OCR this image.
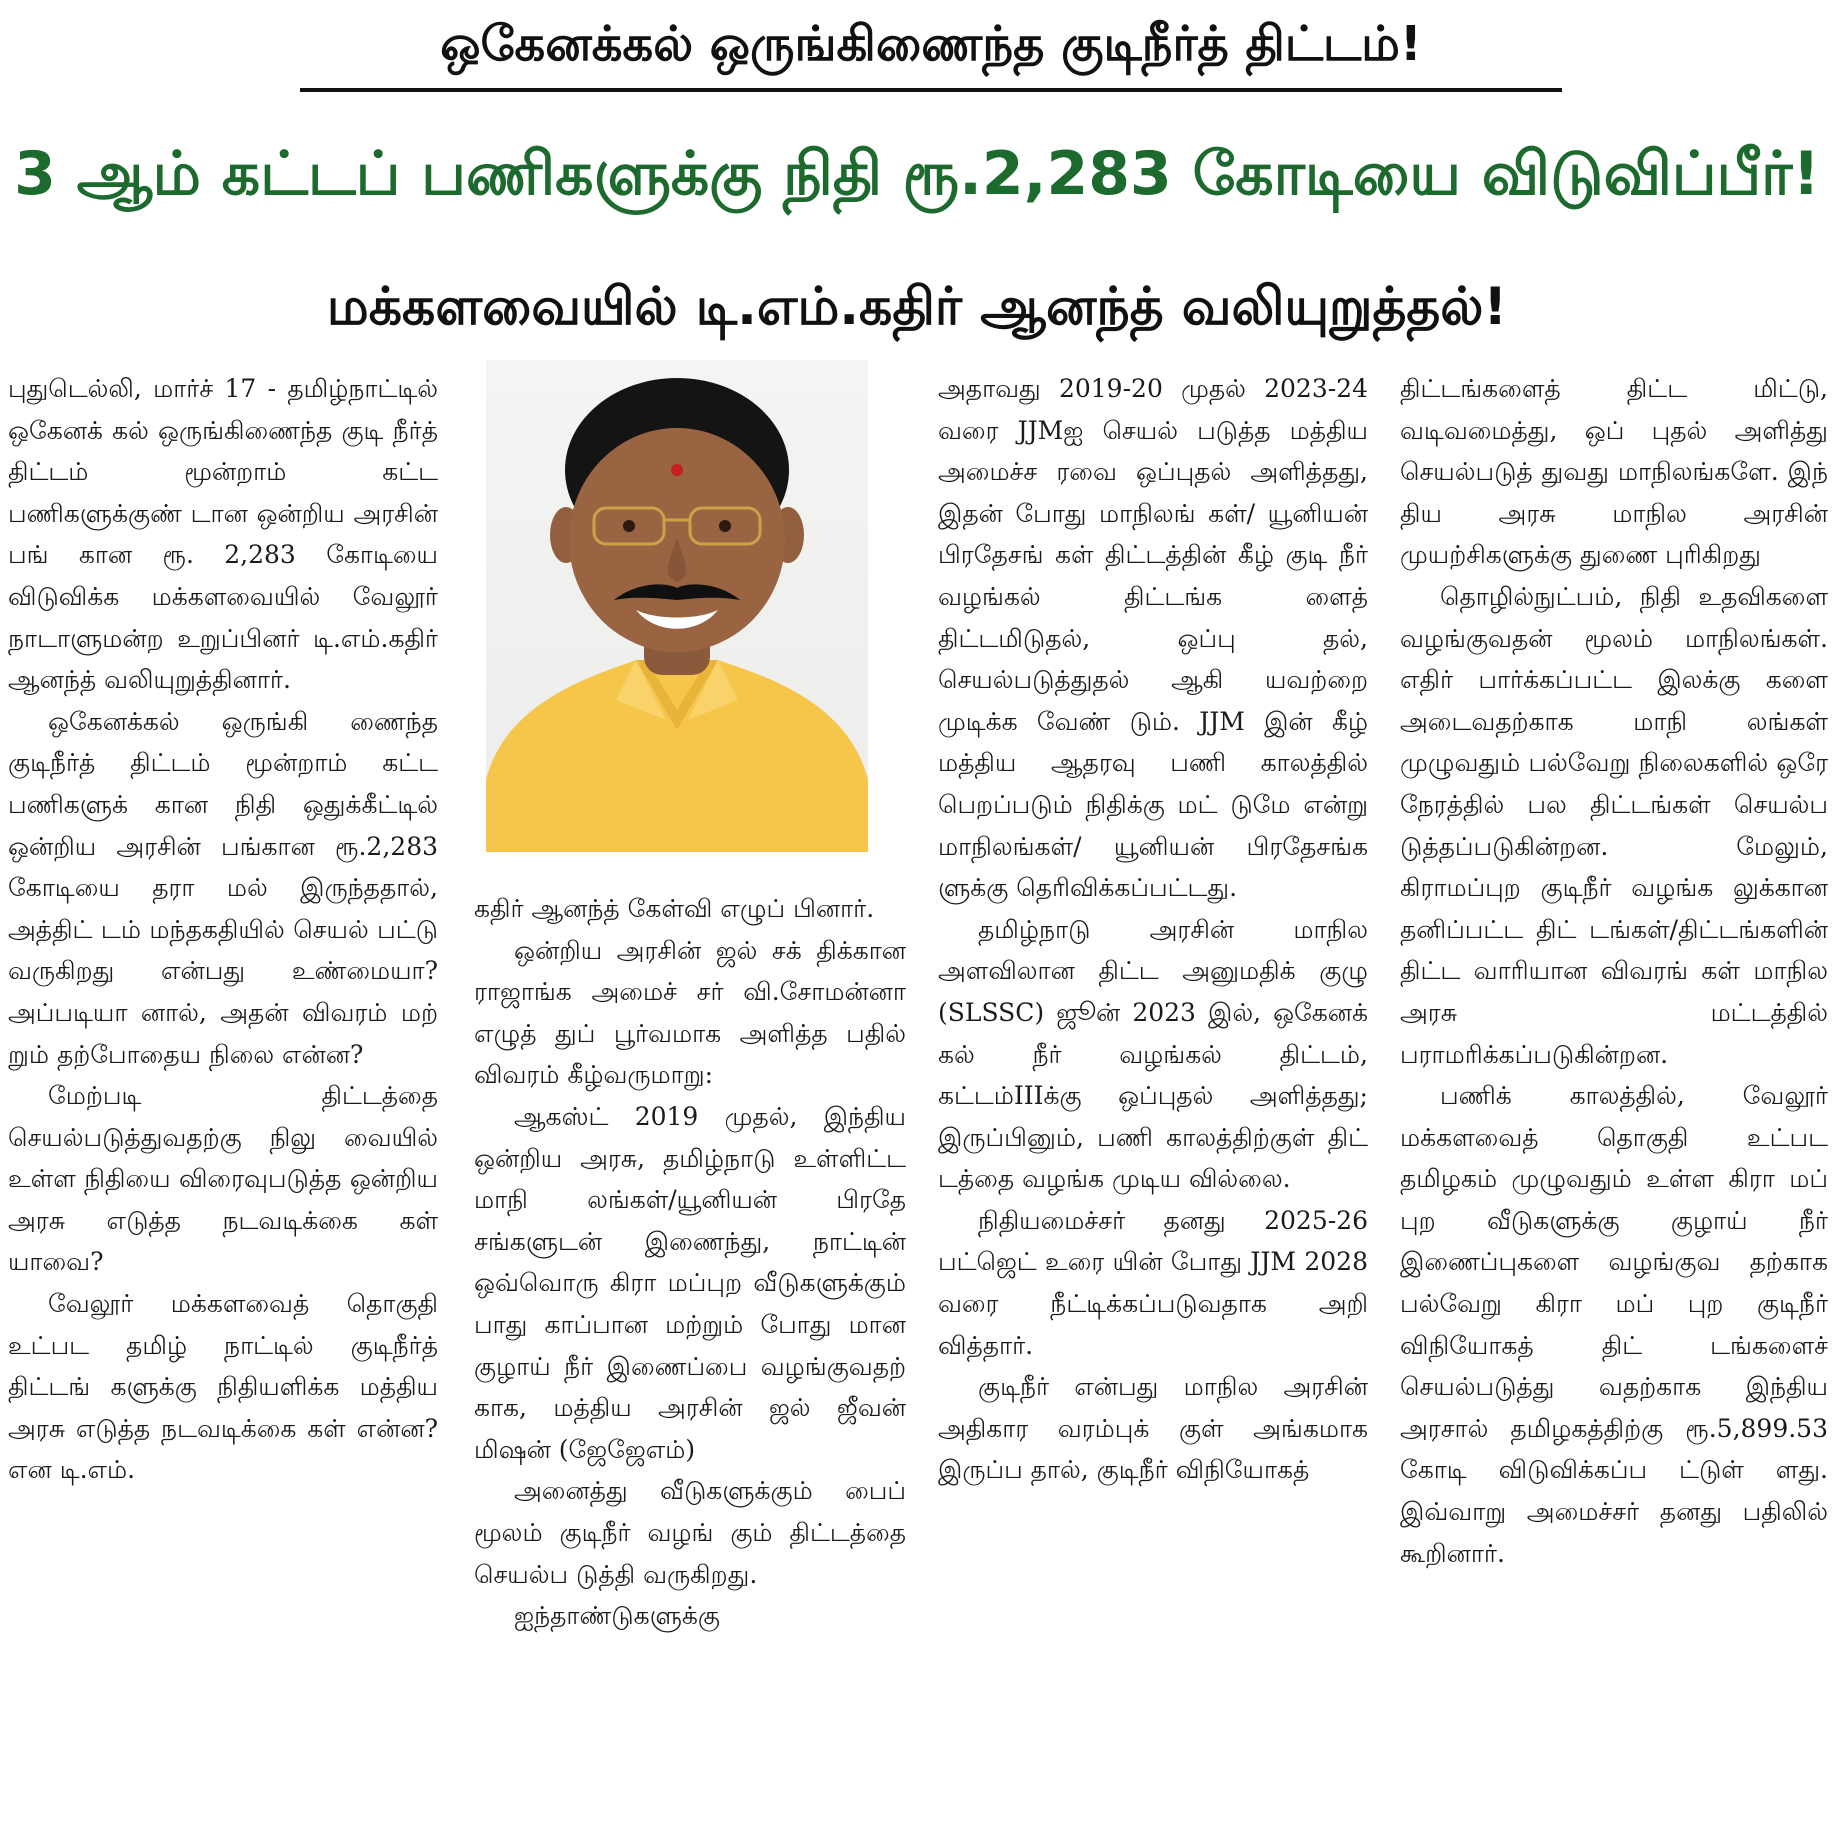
ஒகேனக்கல் ஒருங்கிணைந்த குடிநீர்த் திட்டம்!
3 ஆம் கட்டப் பணிகளுக்கு நிதி ரூ.2,283 கோடியை விடுவிப்பீர்!
மக்களவையில் டி.எம்.கதிர் ஆனந்த் வலியுறுத்தல்!

புதுடெல்லி, மார்ச் 17 - தமிழ்நாட்டில் ஒகேனக் கல் ஒருங்கிணைந்த குடி நீர்த் திட்டம் மூன்றாம் கட்ட பணிகளுக்குண் டான ஒன்றிய அரசின் பங் கான ரூ. 2,283 கோடியை விடுவிக்க மக்களவையில் வேலூர் நாடாளுமன்ற உறுப்பினர் டி.எம்.கதிர் ஆனந்த் வலியுறுத்தினார்.

ஒகேனக்கல் ஒருங்கி ணைந்த குடிநீர்த் திட்டம் மூன்றாம் கட்ட பணிகளுக் கான நிதி ஒதுக்கீட்டில் ஒன்றிய அரசின் பங்கான ரூ.2,283 கோடியை தரா மல் இருந்ததால், அத்திட் டம் மந்தகதியில் செயல் பட்டு வருகிறது என்பது உண்மையா? அப்படியா னால், அதன் விவரம் மற் றும் தற்போதைய நிலை என்ன?

மேற்படி திட்டத்தை செயல்படுத்துவதற்கு நிலு வையில் உள்ள நிதியை விரைவுபடுத்த ஒன்றிய அரசு எடுத்த நடவடிக்கை கள் யாவை?

வேலூர் மக்களவைத் தொகுதி உட்பட தமிழ் நாட்டில் குடிநீர்த் திட்டங் களுக்கு நிதியளிக்க மத்திய அரசு எடுத்த நடவடிக்கை கள் என்ன? என டி.எம்.

கதிர் ஆனந்த் கேள்வி எழுப் பினார்.

ஒன்றிய அரசின் ஜல் சக் திக்கான ராஜாங்க அமைச் சர் வி.சோமன்னா எழுத் துப் பூர்வமாக அளித்த பதில் விவரம் கீழ்வருமாறு:

ஆகஸ்ட் 2019 முதல், இந்திய ஒன்றிய அரசு, தமிழ்நாடு உள்ளிட்ட மாநி லங்கள்/யூனியன் பிரதே சங்களுடன் இணைந்து, நாட்டின் ஒவ்வொரு கிரா மப்புற வீடுகளுக்கும் பாது காப்பான மற்றும் போது மான குழாய் நீர் இணைப்பை வழங்குவதற் காக, மத்திய அரசின் ஜல் ஜீவன் மிஷன் (ஜேஜேஎம்)

அனைத்து வீடுகளுக்கும் பைப் மூலம் குடிநீர் வழங் கும் திட்டத்தை செயல்ப டுத்தி வருகிறது.

ஐந்தாண்டுகளுக்கு

அதாவது 2019-20 முதல் 2023-24 வரை JJMஐ செயல் படுத்த மத்திய அமைச்ச ரவை ஒப்புதல் அளித்தது, இதன் போது மாநிலங் கள்/ யூனியன் பிரதேசங் கள் திட்டத்தின் கீழ் குடி நீர் வழங்கல் திட்டங்க ளைத் திட்டமிடுதல், ஒப்பு தல், செயல்படுத்துதல் ஆகி யவற்றை முடிக்க வேண் டும். JJM இன் கீழ் மத்திய ஆதரவு பணி காலத்தில் பெறப்படும் நிதிக்கு மட் டுமே என்று மாநிலங்கள்/ யூனியன் பிரதேசங்க ளுக்கு தெரிவிக்கப்பட்டது.

தமிழ்நாடு அரசின் மாநில அளவிலான திட்ட அனுமதிக் குழு (SLSSC) ஜூன் 2023 இல், ஒகேனக் கல் நீர் வழங்கல் திட்டம், கட்டம்IIIக்கு ஒப்புதல் அளித்தது; இருப்பினும், பணி காலத்திற்குள் திட் டத்தை வழங்க முடிய வில்லை.

நிதியமைச்சர் தனது 2025-26 பட்ஜெட் உரை யின் போது JJM 2028 வரை நீட்டிக்கப்படுவதாக அறி வித்தார்.

குடிநீர் என்பது மாநில அரசின் அதிகார வரம்புக் குள் அங்கமாக இருப்ப தால், குடிநீர் விநியோகத்

திட்டங்களைத் திட்ட மிட்டு, வடிவமைத்து, ஒப் புதல் அளித்து செயல்படுத் துவது மாநிலங்களே. இந் திய அரசு மாநில அரசின் முயற்சிகளுக்கு துணை புரிகிறது

தொழில்நுட்பம், நிதி உதவிகளை வழங்குவதன் மூலம் மாநிலங்கள். எதிர் பார்க்கப்பட்ட இலக்கு களை அடைவதற்காக மாநி லங்கள் முழுவதும் பல்வேறு நிலைகளில் ஒரே நேரத்தில் பல திட்டங்கள் செயல்ப டுத்தப்படுகின்றன. மேலும், கிராமப்புற குடிநீர் வழங்க லுக்கான தனிப்பட்ட திட் டங்கள்/திட்டங்களின் திட்ட வாரியான விவரங் கள் மாநில அரசு மட்டத்தில் பராமரிக்கப்படுகின்றன.

பணிக் காலத்தில், வேலூர் மக்களவைத் தொகுதி உட்பட தமிழகம் முழுவதும் உள்ள கிரா மப் புற வீடுகளுக்கு குழாய் நீர் இணைப்புகளை வழங்குவ தற்காக பல்வேறு கிரா மப் புற குடிநீர் விநியோகத் திட் டங்களைச் செயல்படுத்து வதற்காக இந்திய அரசால் தமிழகத்திற்கு ரூ.5,899.53 கோடி விடுவிக்கப்ப ட்டுள் ளது. இவ்வாறு அமைச்சர் தனது பதிலில் கூறினார்.
